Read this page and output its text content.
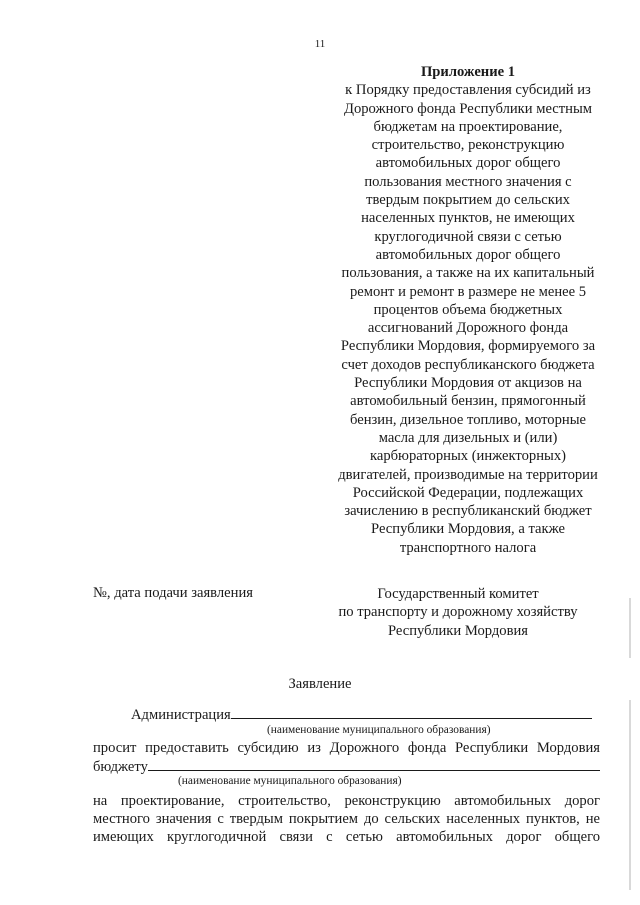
11
Приложение 1
к Порядку предоставления субсидий из
Дорожного фонда Республики местным
бюджетам на проектирование,
строительство, реконструкцию
автомобильных дорог общего
пользования местного значения с
твердым покрытием до сельских
населенных пунктов, не имеющих
круглогодичной связи с сетью
автомобильных дорог общего
пользования, а также на их капитальный
ремонт и ремонт в размере не менее 5
процентов объема бюджетных
ассигнований Дорожного фонда
Республики Мордовия, формируемого за
счет доходов республиканского бюджета
Республики Мордовия от акцизов на
автомобильный бензин, прямогонный
бензин, дизельное топливо, моторные
масла для дизельных и (или)
карбюраторных (инжекторных)
двигателей, производимые на территории
Российской Федерации, подлежащих
зачислению в республиканский бюджет
Республики Мордовия, а также
транспортного налога
№, дата подачи заявления	Государственный комитет
по транспорту и дорожному хозяйству
Республики Мордовия
Заявление
Администрация
(наименование муниципального образования)
просит предоставить субсидию из Дорожного фонда Республики Мордовия
бюджету
(наименование муниципального образования)
на проектирование, строительство, реконструкцию автомобильных дорог
местного значения с твердым покрытием до сельских населенных пунктов, не
имеющих круглогодичной связи с сетью автомобильных дорог общего
